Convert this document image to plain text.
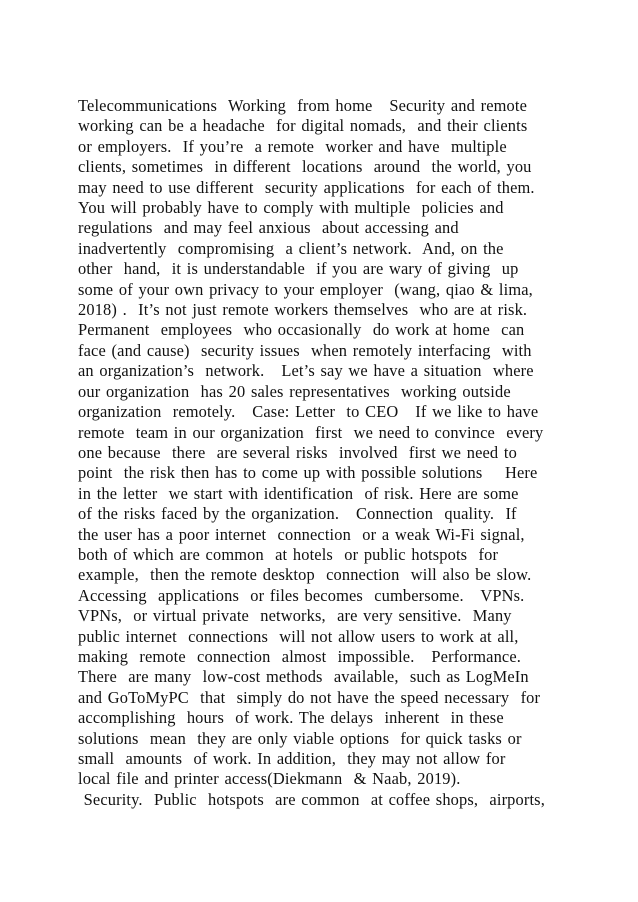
Telecommunications  Working  from home   Security and remote
working can be a headache  for digital nomads,  and their clients
or employers.  If you’re  a remote  worker and have  multiple
clients, sometimes  in different  locations  around  the world, you
may need to use different  security applications  for each of them.
You will probably have to comply with multiple  policies and
regulations  and may feel anxious  about accessing and
inadvertently  compromising  a client’s network.  And, on the
other  hand,  it is understandable  if you are wary of giving  up
some of your own privacy to your employer  (wang, qiao & lima,
2018) .  It’s not just remote workers themselves  who are at risk.
Permanent  employees  who occasionally  do work at home  can
face (and cause)  security issues  when remotely interfacing  with
an organization’s  network.   Let’s say we have a situation  where
our organization  has 20 sales representatives  working outside
organization  remotely.   Case: Letter  to CEO   If we like to have
remote  team in our organization  first  we need to convince  every
one because  there  are several risks  involved  first we need to
point  the risk then has to come up with possible solutions    Here
in the letter  we start with identification  of risk. Here are some
of the risks faced by the organization.   Connection  quality.  If
the user has a poor internet  connection  or a weak Wi-Fi signal,
both of which are common  at hotels  or public hotspots  for
example,  then the remote desktop  connection  will also be slow.
Accessing  applications  or files becomes  cumbersome.   VPNs.
VPNs,  or virtual private  networks,  are very sensitive.  Many
public internet  connections  will not allow users to work at all,
making  remote  connection  almost  impossible.   Performance.
There  are many  low-cost methods  available,  such as LogMeIn
and GoToMyPC  that  simply do not have the speed necessary  for
accomplishing  hours  of work. The delays  inherent  in these
solutions  mean  they are only viable options  for quick tasks or
small  amounts  of work. In addition,  they may not allow for
local file and printer access(Diekmann  & Naab, 2019).
Security.  Public  hotspots  are common  at coffee shops,  airports,
